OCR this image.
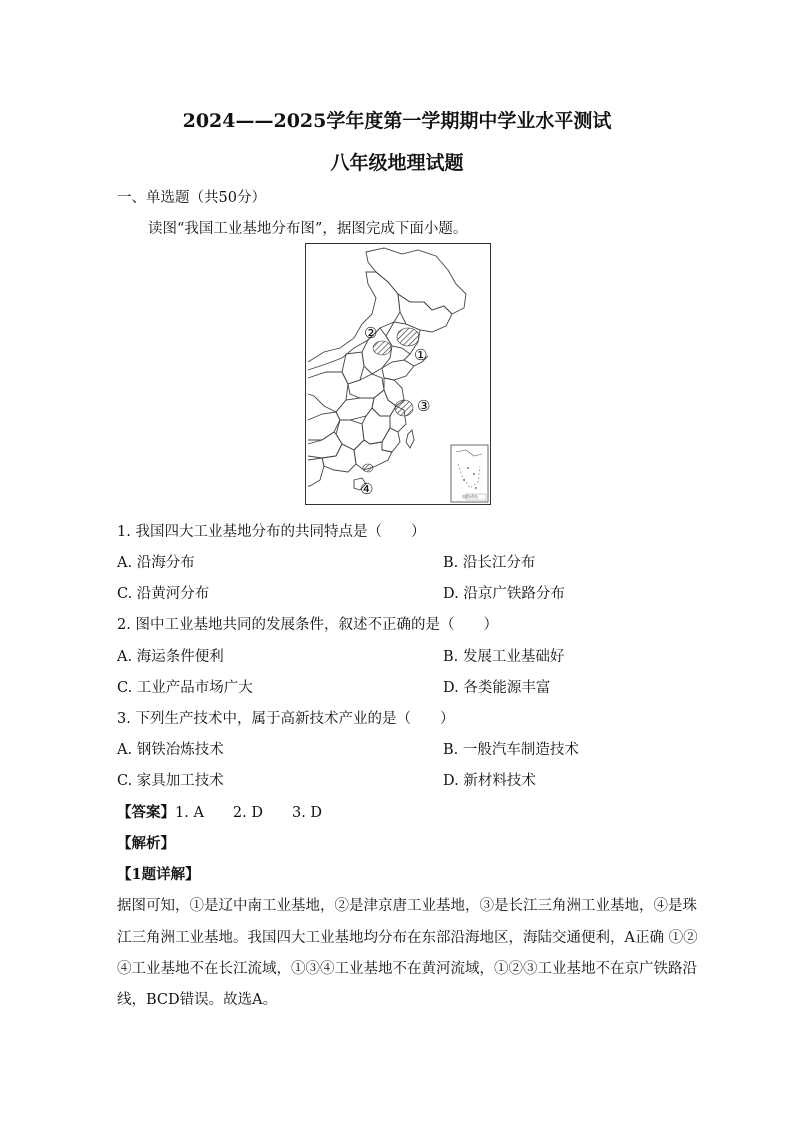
2024——2025学年度第一学期期中学业水平测试
八年级地理试题
一、单选题（共50分）
读图“我国工业基地分布图”，据图完成下面小题。
②
①
③
④	南海诸岛
1. 我国四大工业基地分布的共同特点是（　　）
A. 沿海分布	B. 沿长江分布
C. 沿黄河分布	D. 沿京广铁路分布
2. 图中工业基地共同的发展条件，叙述不正确的是（　　）
A. 海运条件便利	B. 发展工业基础好
C. 工业产品市场广大	D. 各类能源丰富
3. 下列生产技术中，属于高新技术产业的是（　　）
A. 钢铁冶炼技术	B. 一般汽车制造技术
C. 家具加工技术	D. 新材料技术
【答案】1. A　　2. D　　3. D
【解析】
【1题详解】
据图可知，①是辽中南工业基地，②是津京唐工业基地，③是长江三角洲工业基地，④是珠
江三角洲工业基地。我国四大工业基地均分布在东部沿海地区，海陆交通便利，A正确 ①②
④工业基地不在长江流域，①③④工业基地不在黄河流域，①②③工业基地不在京广铁路沿
线，BCD错误。故选A。
